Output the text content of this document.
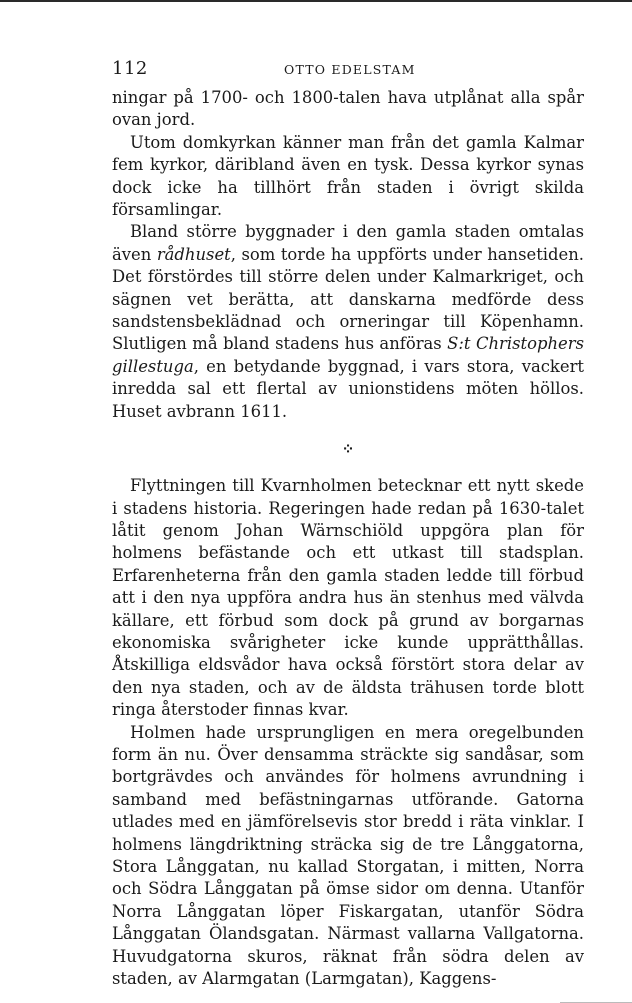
112	OTTO EDELSTAM

ningar på 1700- och 1800-talen hava utplånat alla spår ovan jord.

Utom domkyrkan känner man från det gamla Kalmar fem kyrkor, däribland även en tysk. Dessa kyrkor synas dock icke ha tillhört från staden i övrigt skilda församlingar.

Bland större byggnader i den gamla staden omtalas även rådhuset, som torde ha uppförts under hansetiden. Det förstördes till större delen under Kalmarkriget, och sägnen vet berätta, att danskarna medförde dess sandstensbeklädnad och orneringar till Köpenhamn. Slutligen må bland stadens hus anföras S:t Christophers gillestuga, en betydande byggnad, i vars stora, vackert inredda sal ett flertal av unionstidens möten höllos. Huset avbrann 1611.

⁘

Flyttningen till Kvarnholmen betecknar ett nytt skede i stadens historia. Regeringen hade redan på 1630-talet låtit genom Johan Wärnschiöld uppgöra plan för holmens befästande och ett utkast till stadsplan. Erfarenheterna från den gamla staden ledde till förbud att i den nya uppföra andra hus än stenhus med välvda källare, ett förbud som dock på grund av borgarnas ekonomiska svårigheter icke kunde upprätthållas. Åtskilliga eldsvådor hava också förstört stora delar av den nya staden, och av de äldsta trähusen torde blott ringa återstoder finnas kvar.

Holmen hade ursprungligen en mera oregelbunden form än nu. Över densamma sträckte sig sandåsar, som bortgrävdes och användes för holmens avrundning i samband med befästningarnas utförande. Gatorna utlades med en jämförelsevis stor bredd i räta vinklar. I holmens längdriktning sträcka sig de tre Långgatorna, Stora Långgatan, nu kallad Storgatan, i mitten, Norra och Södra Långgatan på ömse sidor om denna. Utanför Norra Långgatan löper Fiskargatan, utanför Södra Långgatan Ölandsgatan. Närmast vallarna Vallgatorna. Huvudgatorna skuros, räknat från södra delen av staden, av Alarmgatan (Larmgatan), Kaggens-
